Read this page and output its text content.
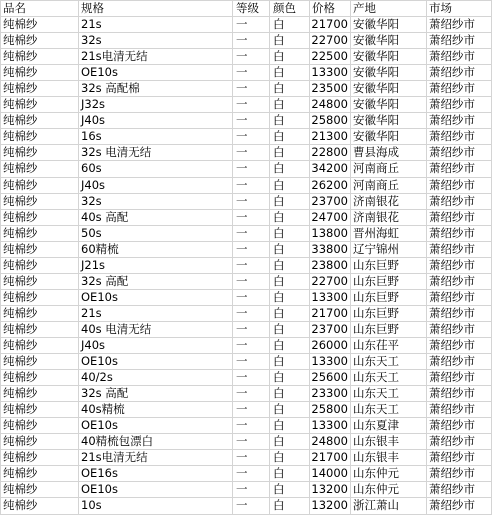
品名	规格	等级	颜色	价格	产地	市场
纯棉纱	21s	一	白	21700	安徽华阳	萧绍纱市
纯棉纱	32s	一	白	22700	安徽华阳	萧绍纱市
纯棉纱	21s电清无结	一	白	22500	安徽华阳	萧绍纱市
纯棉纱	OE10s	一	白	13300	安徽华阳	萧绍纱市
纯棉纱	32s 高配棉	一	白	23500	安徽华阳	萧绍纱市
纯棉纱	J32s	一	白	24800	安徽华阳	萧绍纱市
纯棉纱	J40s	一	白	25800	安徽华阳	萧绍纱市
纯棉纱	16s	一	白	21300	安徽华阳	萧绍纱市
纯棉纱	32s 电清无结	一	白	22800	曹县海成	萧绍纱市
纯棉纱	60s	一	白	34200	河南商丘	萧绍纱市
纯棉纱	J40s	一	白	26200	河南商丘	萧绍纱市
纯棉纱	32s	一	白	23700	济南银花	萧绍纱市
纯棉纱	40s 高配	一	白	24700	济南银花	萧绍纱市
纯棉纱	50s	一	白	13800	晋州海虹	萧绍纱市
纯棉纱	60精梳	一	白	33800	辽宁锦州	萧绍纱市
纯棉纱	J21s	一	白	23800	山东巨野	萧绍纱市
纯棉纱	32s 高配	一	白	22700	山东巨野	萧绍纱市
纯棉纱	OE10s	一	白	13300	山东巨野	萧绍纱市
纯棉纱	21s	一	白	21700	山东巨野	萧绍纱市
纯棉纱	40s 电清无结	一	白	23700	山东巨野	萧绍纱市
纯棉纱	J40s	一	白	26000	山东茌平	萧绍纱市
纯棉纱	OE10s	一	白	13300	山东天工	萧绍纱市
纯棉纱	40/2s	一	白	25600	山东天工	萧绍纱市
纯棉纱	32s 高配	一	白	23300	山东天工	萧绍纱市
纯棉纱	40s精梳	一	白	25800	山东天工	萧绍纱市
纯棉纱	OE10s	一	白	13300	山东夏津	萧绍纱市
纯棉纱	40精梳包漂白	一	白	24800	山东银丰	萧绍纱市
纯棉纱	21s电清无结	一	白	21700	山东银丰	萧绍纱市
纯棉纱	OE16s	一	白	14000	山东仲元	萧绍纱市
纯棉纱	OE10s	一	白	13200	山东仲元	萧绍纱市
纯棉纱	10s	一	白	13200	浙江萧山	萧绍纱市
